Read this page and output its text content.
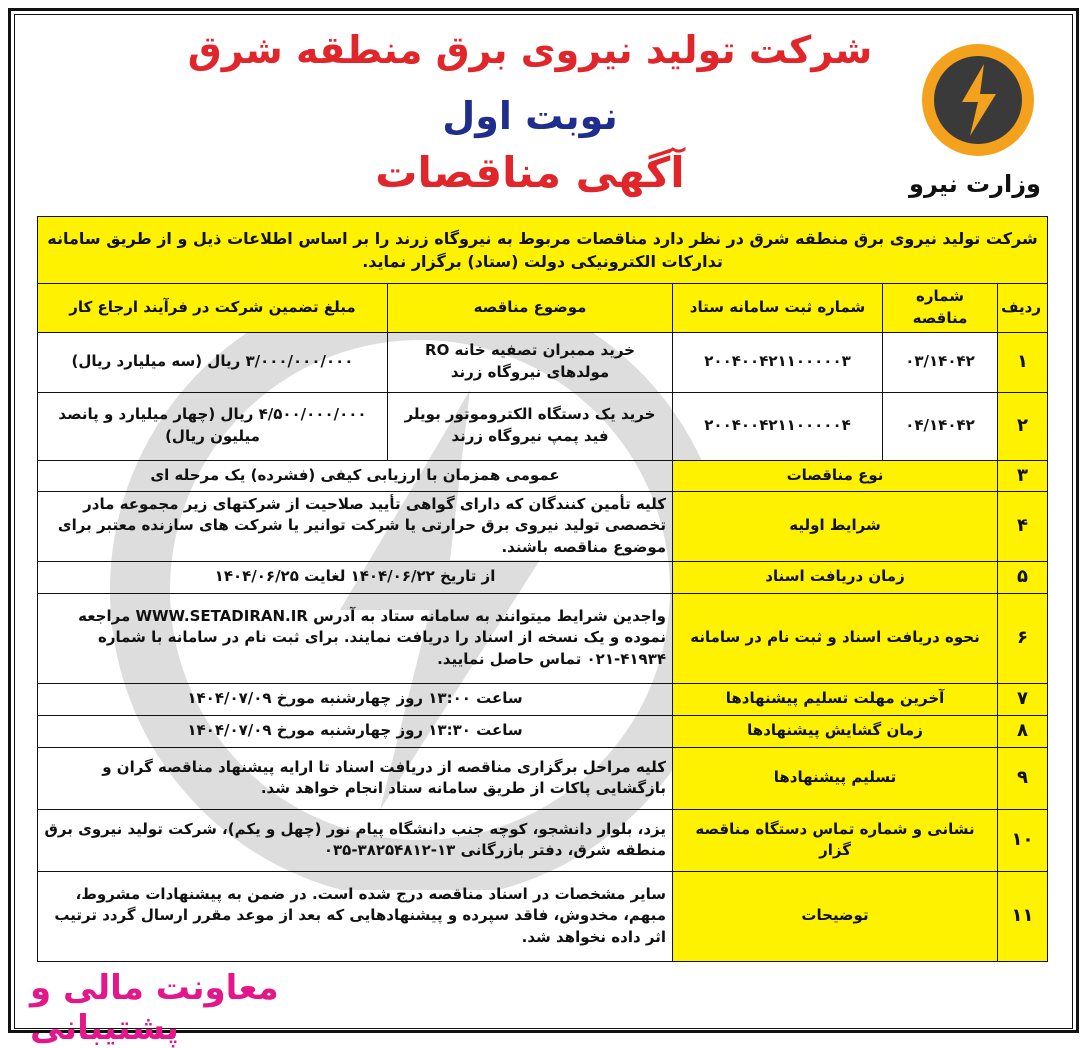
شرکت تولید نیروی برق منطقه شرق
نوبت اول
آگهی مناقصات	وزارت نیرو
شرکت تولید نیروی برق منطقه شرق در نظر دارد مناقصات مربوط به نیروگاه زرند را بر اساس اطلاعات ذیل و از طریق سامانه تدارکات الکترونیکی دولت (ستاد) برگزار نماید.				
ردیف	شماره مناقصه	شماره ثبت سامانه ستاد	موضوع مناقصه	مبلغ تضمین شرکت در فرآیند ارجاع کار
۱	۰۳/۱۴۰۴۲	۲۰۰۴۰۰۴۲۱۱۰۰۰۰۰۳	خرید ممبران تصفیه خانه RO مولدهای نیروگاه زرند	۳/۰۰۰/۰۰۰/۰۰۰ ریال (سه میلیارد ریال)
۲	۰۴/۱۴۰۴۲	۲۰۰۴۰۰۴۲۱۱۰۰۰۰۰۴	خرید یک دستگاه الکتروموتور بویلر فید پمپ نیروگاه زرند	۴/۵۰۰/۰۰۰/۰۰۰ ریال (چهار میلیارد و پانصد میلیون ریال)
۳	نوع مناقصات		عمومی همزمان با ارزیابی کیفی (فشرده) یک مرحله ای	
۴	شرایط اولیه		کلیه تأمین کنندگان که دارای گواهی تأیید صلاحیت از شرکتهای زیر مجموعه مادر تخصصی تولید نیروی برق حرارتی یا شرکت توانیر یا شرکت های سازنده معتبر برای موضوع مناقصه باشند.	
۵	زمان دریافت اسناد		از تاریخ ۱۴۰۴/۰۶/۲۲ لغایت ۱۴۰۴/۰۶/۲۵	
۶	نحوه دریافت اسناد و ثبت نام در سامانه		واجدین شرایط میتوانند به سامانه ستاد به آدرس WWW.SETADIRAN.IR مراجعه نموده و یک نسخه از اسناد را دریافت نمایند. برای ثبت نام در سامانه با شماره ۴۱۹۳۴-۰۲۱ تماس حاصل نمایید.	
۷	آخرین مهلت تسلیم پیشنهادها		ساعت ۱۳:۰۰ روز چهارشنبه مورخ ۱۴۰۴/۰۷/۰۹	
۸	زمان گشایش پیشنهادها		ساعت ۱۳:۳۰ روز چهارشنبه مورخ ۱۴۰۴/۰۷/۰۹	
۹	تسلیم پیشنهادها		کلیه مراحل برگزاری مناقصه از دریافت اسناد تا ارایه پیشنهاد مناقصه گران و بازگشایی پاکات از طریق سامانه ستاد انجام خواهد شد.	
۱۰	نشانی و شماره تماس دستگاه مناقصه گزار		یزد، بلوار دانشجو، کوچه جنب دانشگاه پیام نور (چهل و یکم)، شرکت تولید نیروی برق منطقه شرق، دفتر بازرگانی ۱۳-۳۸۲۵۴۸۱۲-۰۳۵	
۱۱	توضیحات		سایر مشخصات در اسناد مناقصه درج شده است. در ضمن به پیشنهادات مشروط، مبهم، مخدوش، فاقد سپرده و پیشنهادهایی که بعد از موعد مقرر ارسال گردد ترتیب اثر داده نخواهد شد.	
معاونت مالی و پشتیبانی
